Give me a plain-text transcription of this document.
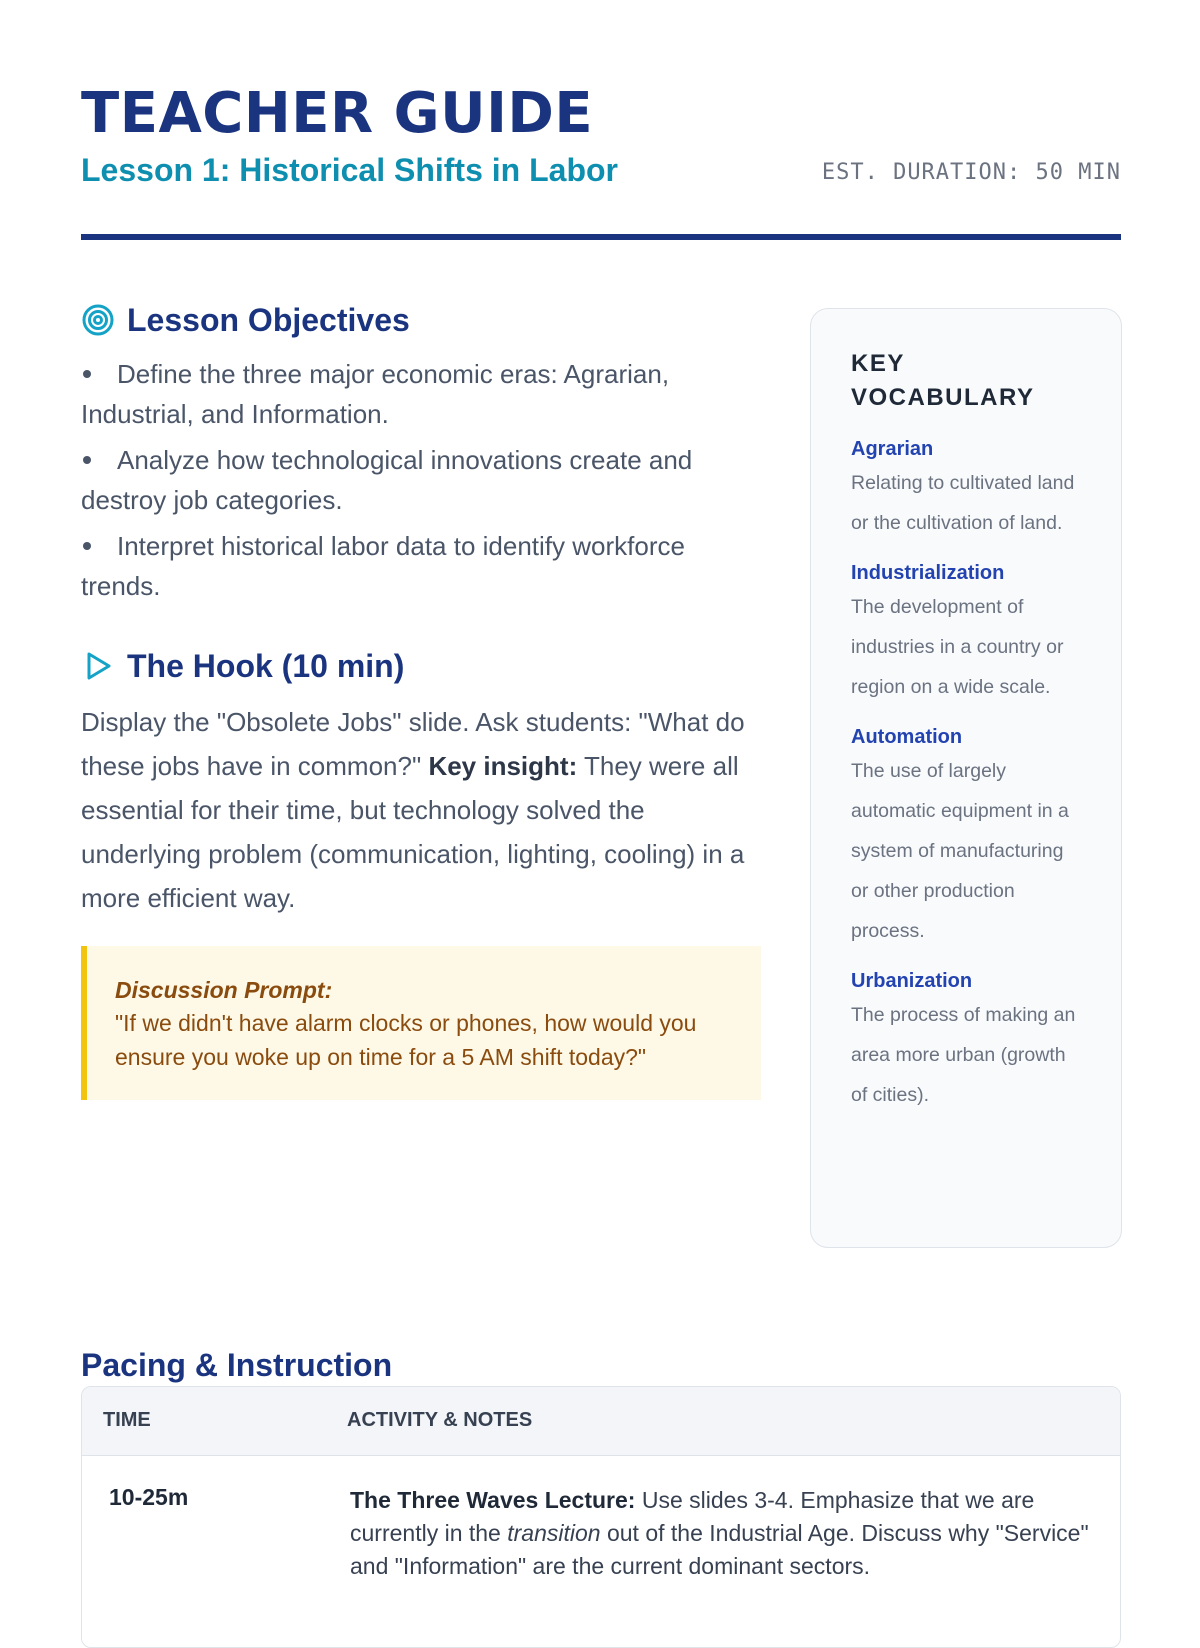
TEACHER GUIDE
Lesson 1: Historical Shifts in Labor	EST. DURATION: 50 MIN
Lesson Objectives
Define the three major economic eras: Agrarian, Industrial, and Information.
Analyze how technological innovations create and destroy job categories.
Interpret historical labor data to identify workforce trends.
The Hook (10 min)

Display the "Obsolete Jobs" slide. Ask students: "What do these jobs have in common?" Key insight: They were all essential for their time, but technology solved the underlying problem (communication, lighting, cooling) in a more efficient way.

Discussion Prompt:
"If we didn't have alarm clocks or phones, how would you ensure you woke up on time for a 5 AM shift today?"
KEY VOCABULARY
Agrarian
Relating to cultivated land or the cultivation of land.
Industrialization
The development of industries in a country or region on a wide scale.
Automation
The use of largely automatic equipment in a system of manufacturing or other production process.
Urbanization
The process of making an area more urban (growth of cities).
Pacing & Instruction
TIME	ACTIVITY & NOTES
10-25m	The Three Waves Lecture: Use slides 3-4. Emphasize that we are currently in the transition out of the Industrial Age. Discuss why "Service" and "Information" are the current dominant sectors.
